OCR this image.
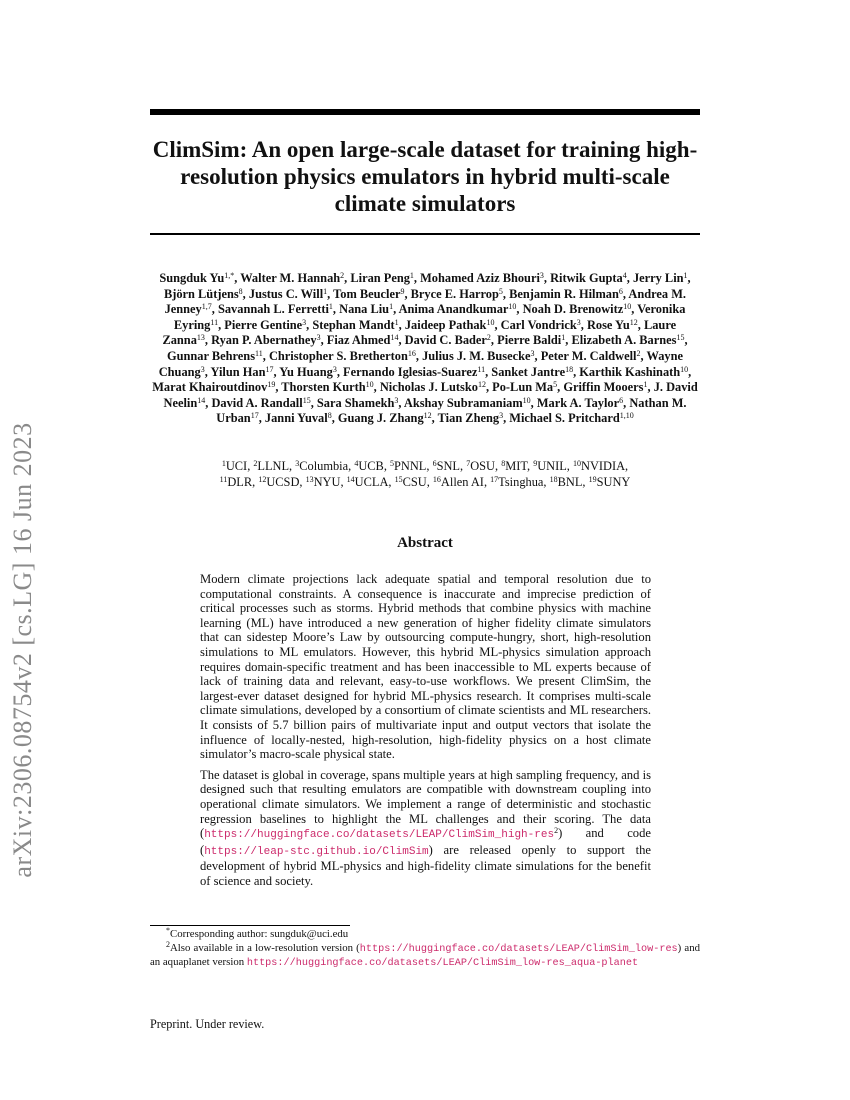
arXiv:2306.08754v2 [cs.LG] 16 Jun 2023
ClimSim: An open large-scale dataset for training high-resolution physics emulators in hybrid multi-scale climate simulators
Sungduk $Yu^{1,*}$, Walter M. Hannah$^2$, Liran Peng$^1$, Mohamed Aziz Bhouri$^3$, Ritwik Gupta$^4$, Jerry Lin$^1$, Björn Lütjens$^8$, Justus C. Will$^1$, Tom Beucler$^9$, Bryce E. Harrop$^5$, Benjamin R. Hilman$^6$, Andrea M. Jenney$^{1,7}$, Savannah L. Ferretti$^1$, Nana Liu$^1$, Anima Anandkumar$^{10}$, Noah D. Brenowitz$^{10}$, Veronika Eyring$^{11}$, Pierre Gentine$^3$, Stephan Mandt$^1$, Jaideep Pathak$^{10}$, Carl Vondrick$^3$, Rose Yu$^{12}$, Laure Zanna$^{13}$, Ryan P. Abernathey$^3$, Fiaz Ahmed$^{14}$, David C. Bader$^2$, Pierre Baldi$^1$, Elizabeth A. Barnes$^{15}$, Gunnar Behrens$^{11}$, Christopher S. Bretherton$^{16}$, Julius J. M. Busecke$^3$, Peter M. Caldwell$^2$, Wayne Chuang$^3$, Yilun Han$^{17}$, Yu Huang$^3$, Fernando Iglesias-Suarez$^{11}$, Sanket Jantre$^{18}$, Karthik Kashinath$^{10}$, Marat Khairoutdinov$^{19}$, Thorsten Kurth$^{10}$, Nicholas J. Lutsko$^{12}$, Po-Lun Ma$^5$, Griffin Mooers$^1$, J. David Neelin$^{14}$, David A. Randall$^{15}$, Sara Shamekh$^3$, Akshay Subramaniam$^{10}$, Mark A. Taylor$^6$, Nathan M. Urban$^{17}$, Janni Yuval$^8$, Guang J. Zhang$^{12}$, Tian Zheng$^3$, Michael S. Pritchard$^{1,10}$
$^1$UCI, $^2$LLNL, $^3$Columbia, $^4$UCB, $^5$PNNL, $^6$SNL, $^7$OSU, $^8$MIT, $^9$UNIL, $^{10}$NVIDIA,
$^{11}$DLR, $^{12}$UCSD, $^{13}$NYU, $^{14}$UCLA, $^{15}$CSU, $^{16}$Allen AI, $^{17}$Tsinghua, $^{18}$BNL, $^{19}$SUNY
Abstract

Modern climate projections lack adequate spatial and temporal resolution due to computational constraints. A consequence is inaccurate and imprecise prediction of critical processes such as storms. Hybrid methods that combine physics with machine learning (ML) have introduced a new generation of higher fidelity climate simulators that can sidestep Moore’s Law by outsourcing compute-hungry, short, high-resolution simulations to ML emulators. However, this hybrid ML-physics simulation approach requires domain-specific treatment and has been inaccessible to ML experts because of lack of training data and relevant, easy-to-use workflows. We present ClimSim, the largest-ever dataset designed for hybrid ML-physics research. It comprises multi-scale climate simulations, developed by a consortium of climate scientists and ML researchers. It consists of 5.7 billion pairs of multivariate input and output vectors that isolate the influence of locally-nested, high-resolution, high-fidelity physics on a host climate simulator’s macro-scale physical state.

The dataset is global in coverage, spans multiple years at high sampling frequency, and is designed such that resulting emulators are compatible with downstream coupling into operational climate simulators. We implement a range of deterministic and stochastic regression baselines to highlight the ML challenges and their scoring. The data (https://huggingface.co/datasets/LEAP/ClimSim_high-res$^2$) and code (https://leap-stc.github.io/ClimSim) are released openly to support the development of hybrid ML-physics and high-fidelity climate simulations for the benefit of science and society.

*Corresponding author: sungduk@uci.edu
$^2$Also available in a low-resolution version (https://huggingface.co/datasets/LEAP/ClimSim_low-res) and an aquaplanet version https://huggingface.co/datasets/LEAP/ClimSim_low-res_aqua-planet
Preprint. Under review.
